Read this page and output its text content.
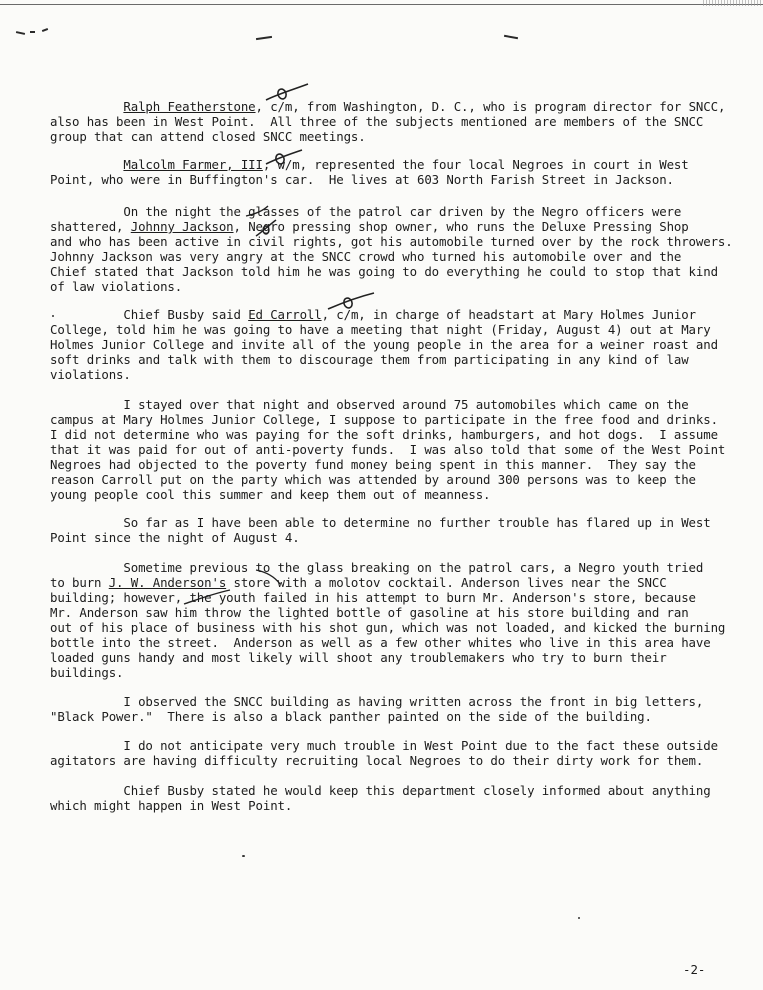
Ralph Featherstone, c/m, from Washington, D. C., who is program director for SNCC,
also has been in West Point.  All three of the subjects mentioned are members of the SNCC
group that can attend closed SNCC meetings.

Malcolm Farmer, III, w/m, represented the four local Negroes in court in West
Point, who were in Buffington's car.  He lives at 603 North Farish Street in Jackson.

On the night the glasses of the patrol car driven by the Negro officers were
shattered, Johnny Jackson, Negro pressing shop owner, who runs the Deluxe Pressing Shop
and who has been active in civil rights, got his automobile turned over by the rock throwers.
Johnny Jackson was very angry at the SNCC crowd who turned his automobile over and the
Chief stated that Jackson told him he was going to do everything he could to stop that kind
of law violations.

Chief Busby said Ed Carroll, c/m, in charge of headstart at Mary Holmes Junior
College, told him he was going to have a meeting that night (Friday, August 4) out at Mary
Holmes Junior College and invite all of the young people in the area for a weiner roast and
soft drinks and talk with them to discourage them from participating in any kind of law
violations.

I stayed over that night and observed around 75 automobiles which came on the
campus at Mary Holmes Junior College, I suppose to participate in the free food and drinks.
I did not determine who was paying for the soft drinks, hamburgers, and hot dogs.  I assume
that it was paid for out of anti-poverty funds.  I was also told that some of the West Point
Negroes had objected to the poverty fund money being spent in this manner.  They say the
reason Carroll put on the party which was attended by around 300 persons was to keep the
young people cool this summer and keep them out of meanness.

So far as I have been able to determine no further trouble has flared up in West
Point since the night of August 4.

Sometime previous to the glass breaking on the patrol cars, a Negro youth tried
to burn J. W. Anderson's store with a molotov cocktail. Anderson lives near the SNCC
building; however, the youth failed in his attempt to burn Mr. Anderson's store, because
Mr. Anderson saw him throw the lighted bottle of gasoline at his store building and ran
out of his place of business with his shot gun, which was not loaded, and kicked the burning
bottle into the street.  Anderson as well as a few other whites who live in this area have
loaded guns handy and most likely will shoot any troublemakers who try to burn their
buildings.

I observed the SNCC building as having written across the front in big letters,
"Black Power."  There is also a black panther painted on the side of the building.

I do not anticipate very much trouble in West Point due to the fact these outside
agitators are having difficulty recruiting local Negroes to do their dirty work for them.

Chief Busby stated he would keep this department closely informed about anything
which might happen in West Point.

-2-
